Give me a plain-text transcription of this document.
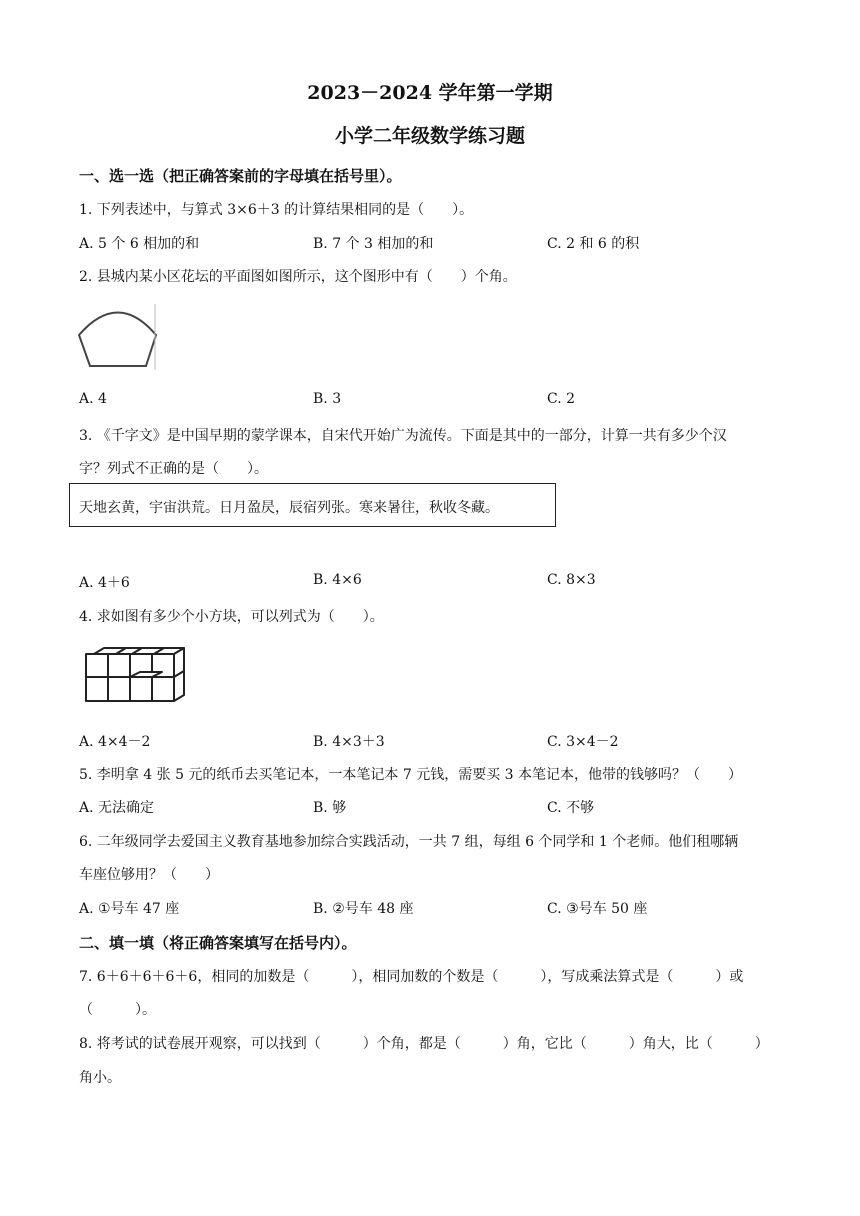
2023－2024 学年第一学期
小学二年级数学练习题
一、选一选（把正确答案前的字母填在括号里）。
1. 下列表述中，与算式 3×6＋3 的计算结果相同的是（　　）。
A. 5 个 6 相加的和	B. 7 个 3 相加的和	C. 2 和 6 的积
2. 县城内某小区花坛的平面图如图所示，这个图形中有（　　）个角。
A. 4	B. 3	C. 2
3. 《千字文》是中国早期的蒙学课本，自宋代开始广为流传。下面是其中的一部分，计算一共有多少个汉
字？列式不正确的是（　　）。
天地玄黄，宇宙洪荒。日月盈昃，辰宿列张。寒来暑往，秋收冬藏。
A. 4＋6	B. 4×6	C. 8×3
4. 求如图有多少个小方块，可以列式为（　　）。
A. 4×4－2	B. 4×3＋3	C. 3×4－2
5. 李明拿 4 张 5 元的纸币去买笔记本，一本笔记本 7 元钱，需要买 3 本笔记本，他带的钱够吗？（　　）
A. 无法确定	B. 够	C. 不够
6. 二年级同学去爱国主义教育基地参加综合实践活动，一共 7 组，每组 6 个同学和 1 个老师。他们租哪辆
车座位够用？（　　）
A. ①号车 47 座	B. ②号车 48 座	C. ③号车 50 座
二、填一填（将正确答案填写在括号内）。
7. 6＋6＋6＋6＋6，相同的加数是（　　　），相同加数的个数是（　　　），写成乘法算式是（　　　）或
（　　　）。
8. 将考试的试卷展开观察，可以找到（　　　）个角，都是（　　　）角，它比（　　　）角大，比（　　　）
角小。
